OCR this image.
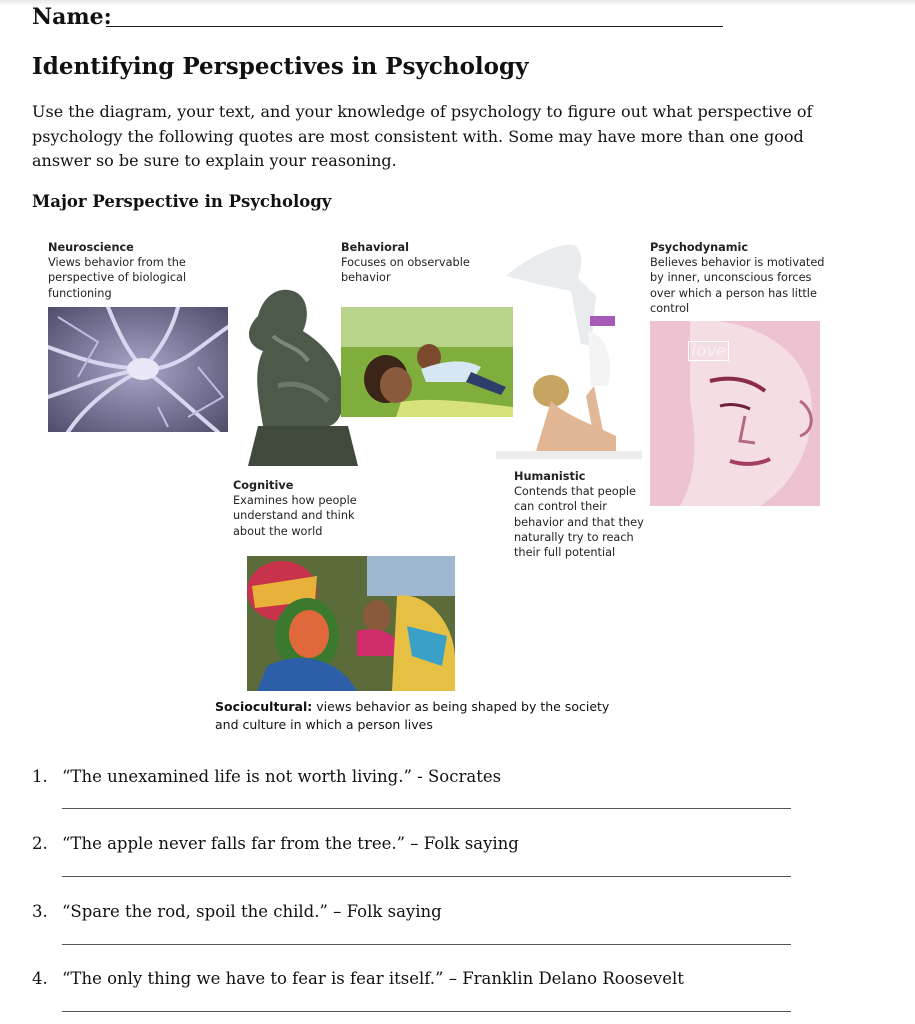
Name:
Identifying Perspectives in Psychology
Use the diagram, your text, and your knowledge of psychology to figure out what perspective of psychology the following quotes are most consistent with. Some may have more than one good answer so be sure to explain your reasoning.
Major Perspective in Psychology
Neuroscience
Views behavior from the
perspective of biological
functioning
Behavioral
Focuses on observable
behavior
Psychodynamic
Believes behavior is motivated
by inner, unconscious forces
over which a person has little
control
love
Cognitive
Examines how people
understand and think
about the world
Humanistic
Contends that people
can control their
behavior and that they
naturally try to reach
their full potential
Sociocultural: views behavior as being shaped by the society
and culture in which a person lives
1. “The unexamined life is not worth living.” - Socrates
2. “The apple never falls far from the tree.” – Folk saying
3. “Spare the rod, spoil the child.” – Folk saying
4. “The only thing we have to fear is fear itself.” – Franklin Delano Roosevelt
